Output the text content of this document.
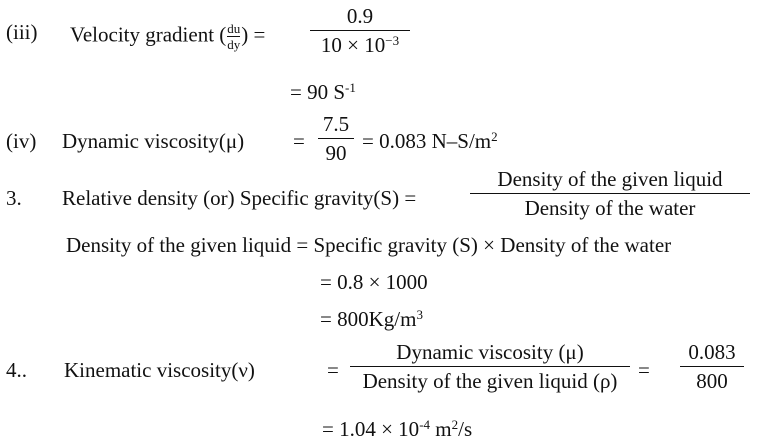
(iii) Velocity gradient ( $\frac{du}{dy}$ ) =
0.9
$10 \times 10^{-3}$
= 90 $S^{-1}$
(iv) Dynamic viscosity(μ) =
7.5
90 = 0.083 $N-S/m^2$
3. Relative density (or) Specific gravity(S) =
Density of the given liquid
Density of the water
Density of the given liquid = Specific gravity (S) × Density of the water
= 0.8 × 1000
= $800Kg/m^3$
4.. Kinematic viscosity(ν)	=
Dynamic viscosity (μ)
Density of the given liquid (ρ) =
0.083
800
= $1.04 \times 10^{-4}$ $m^2/s$
